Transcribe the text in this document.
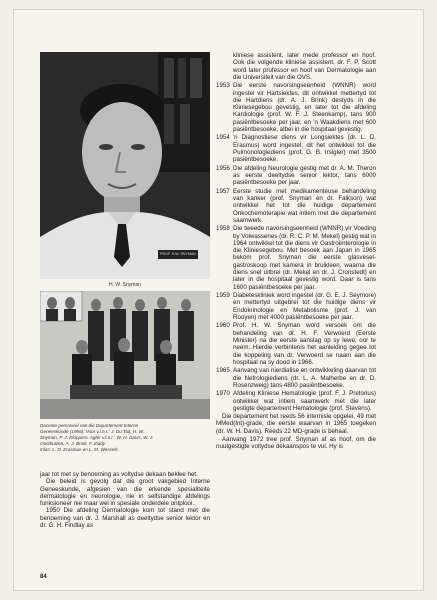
PROF. H.W. SNYMAN
H. W. Snyman

Dosente personeel van die Departement Interne

Geneeskunde (1956): Voor v.l.n.r.: J. Du Toit, H. W.

Snyman, P. J. Kloppers. Agter v.l.n.r.: W. H. Davis, W. J.

Oosthuizen, A. J. Brink, F. Ziady.

Inlas: L. D. Erasmus en L. M. Wessels

jaar tot met sy benoeming as voltydse dekaan beklee het.

Die beleid is gevolg dat die groot vakgebied Interne Geneeskunde, afgesien van die erkende spesialiteite dermatologie en neurologie, nie in selfstandige afdelings funksioneer nie maar wel in spesiale onderdele ontplooi.

1950 Die afdeling Dermatologie kom tot stand met die benoeming van dr. J. Marshall as deeltydse senior lektor en dr. G. H. Findlay as

kliniese assistent, later mede professor en hoof. Ook die volgende kliniese assistent, dr. F. P. Scott word later professor en hoof van Dermatologie aan die Universiteit van die OVS.

1953 Die eerste navorsingseenheid (WNNR) word ingestel vir Hartsiektes, dit ontwikkel mettertyd tot die Hartdiens (dr. A. J. Brink) destyds in die Kliniesegebou gevestig, en later tot die afdeling Kardiologie (prof. W. F. J. Steenkamp), tans 900 pasiëntbesoeke per jaar, en 'n Waakdiens met 600 pasiëntbesoeke, albei in die hospitaal gevestig.
1954 'n Diagnostiese diens vir Longsiektes (dr. L. D. Erasmus) word ingestel; dit het ontwikkel tot die Pulmonologiediens (prof. G. B. Irsigler) met 3500 pasiëntbesoeke.
1956 Die afdeling Neurologie gestig met dr. A. M. Theron as eerste deeltydse senior lektor, tans 6000 pasiëntbesoeke per jaar.
1957 Eerste studie met medikamenteuse behandeling van kanker (prof. Snyman en dr. Falkson) wat ontwikkel het tot die huidige departement Onkochemoterapie wat intiem met die departement saamwerk.
1958 Die tweede navorsingseenheid (WNNR) vir Voeding by Volwassenes (dr. R. C. P. M. Mekel) gestig wat in 1964 ontwikkel tot die diens vir Gastroënterologie in die Kliniesegebou. Met besoek aan Japan in 1965 bekom prof. Snyman die eerste glasvesel-gastroskoop met kamera in bruikleen, waarna die diens snel uitbrei (dr. Mekel en dr. J. Cronstedt) en later in die hospitaal gevestig word. Daar is tans 1600 pasiëntbesoeke per jaar.
1959 Diabeteskliniek word ingestel (dr. G. E. J. Seymore) en mettertyd uitgebrei tot die huidige diens vir Endokrinologie en Metabolisme (prof. J. van Rooyen) met 4000 pasiëntbesoeke per jaar.
1960 Prof. H. W. Snyman word versoek om die behandeling van dr. H. F. Verwoerd (Eerste Minister) na die eerste aanslag op sy lewe, oor te neem. Hierdie verbintenis het aanleiding gegee tot die koppeling van dr. Verwoerd se naam aan die hospitaal na sy dood in 1966.
1965 Aanvang van nierdialise en ontwikkeling daarvan tot die Nefrologiediens (dr. L. A. Malherbe en dr. D. Rosenzweig) tans 4800 pasiëntbesoeke.
1970 Afdeling Kliniese Hematologie (prof. F. J. Pretorius) ontwikkel wat intiem saamwerk met die later gestigte departement Hematologie (prof. Stevens).

Die departement het reeds 56 internisle opgelei, 49 met MMed(Int)-grade, die eerste waarvan in 1965 toegeken (dr. W. H. Davis). Reeds 22 MD-grade is behaal.

Aanvang 1972 tree prof. Snyman af as hoof, om die nuutgestigte voltydse dekaanspos te vul. Hy is

84
